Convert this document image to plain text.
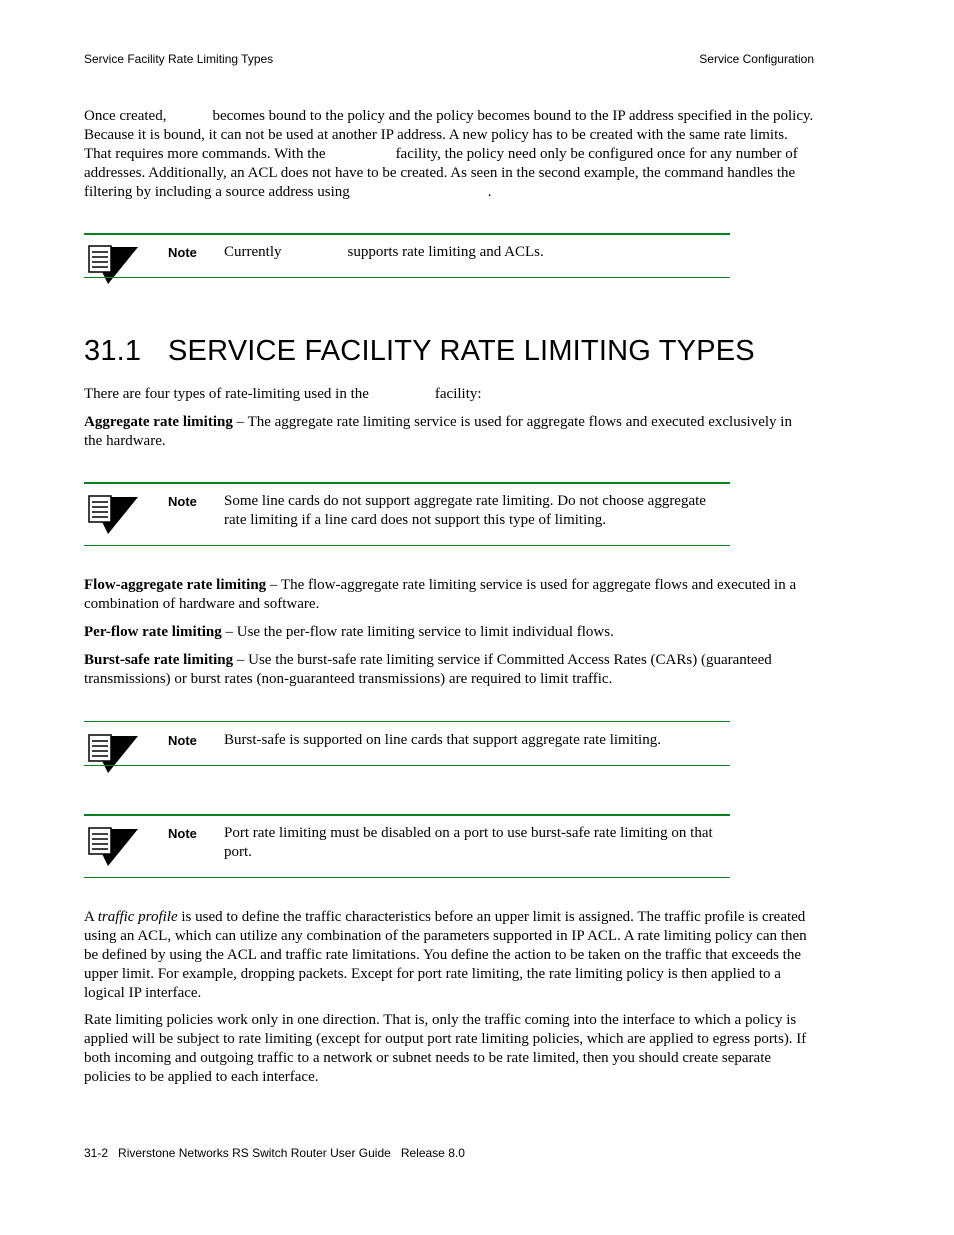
Service Facility Rate Limiting Types	Service Configuration

Once created,	becomes bound to the policy and the policy becomes bound to the IP address specified in the policy. Because it is bound, it can not be used at another IP address. A new policy has to be created with the same rate limits. That requires more commands. With the	facility, the policy need only be configured once for any number of addresses. Additionally, an ACL does not have to be created. As seen in the second example, the command handles the filtering by including a source address using	.

Note Currently	supports rate limiting and ACLs.
31.1 SERVICE FACILITY RATE LIMITING TYPES

There are four types of rate-limiting used in the	facility:

Aggregate rate limiting – The aggregate rate limiting service is used for aggregate flows and executed exclusively in the hardware.

Note Some line cards do not support aggregate rate limiting. Do not choose aggregate rate limiting if a line card does not support this type of limiting.

Flow-aggregate rate limiting – The flow-aggregate rate limiting service is used for aggregate flows and executed in a combination of hardware and software.

Per-flow rate limiting – Use the per-flow rate limiting service to limit individual flows.

Burst-safe rate limiting – Use the burst-safe rate limiting service if Committed Access Rates (CARs) (guaranteed transmissions) or burst rates (non-guaranteed transmissions) are required to limit traffic.

Note Burst-safe is supported on line cards that support aggregate rate limiting.
Note Port rate limiting must be disabled on a port to use burst-safe rate limiting on that port.

A traffic profile is used to define the traffic characteristics before an upper limit is assigned. The traffic profile is created using an ACL, which can utilize any combination of the parameters supported in IP ACL. A rate limiting policy can then be defined by using the ACL and traffic rate limitations. You define the action to be taken on the traffic that exceeds the upper limit. For example, dropping packets. Except for port rate limiting, the rate limiting policy is then applied to a logical IP interface.

Rate limiting policies work only in one direction. That is, only the traffic coming into the interface to which a policy is applied will be subject to rate limiting (except for output port rate limiting policies, which are applied to egress ports). If both incoming and outgoing traffic to a network or subnet needs to be rate limited, then you should create separate policies to be applied to each interface.

31-2 Riverstone Networks RS Switch Router User Guide Release 8.0
